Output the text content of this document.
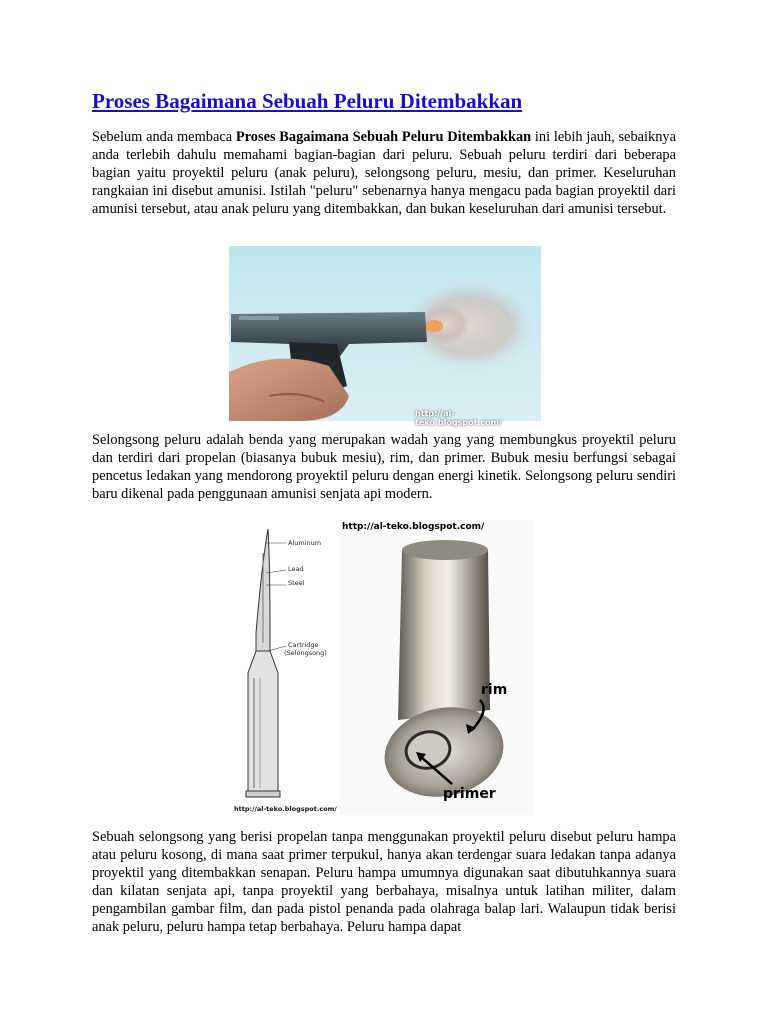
Proses Bagaimana Sebuah Peluru Ditembakkan

Sebelum anda membaca Proses Bagaimana Sebuah Peluru Ditembakkan ini lebih jauh, sebaiknya anda terlebih dahulu memahami bagian-bagian dari peluru. Sebuah peluru terdiri dari beberapa bagian yaitu proyektil peluru (anak peluru), selongsong peluru, mesiu, dan primer. Keseluruhan rangkaian ini disebut amunisi. Istilah "peluru" sebenarnya hanya mengacu pada bagian proyektil dari amunisi tersebut, atau anak peluru yang ditembakkan, dan bukan keseluruhan dari amunisi tersebut.

http://al-teko.blogspot.com/

Selongsong peluru adalah benda yang merupakan wadah yang yang membungkus proyektil peluru dan terdiri dari propelan (biasanya bubuk mesiu), rim, dan primer. Bubuk mesiu berfungsi sebagai pencetus ledakan yang mendorong proyektil peluru dengan energi kinetik. Selongsong peluru sendiri baru dikenal pada penggunaan amunisi senjata api modern.

Aluminum
Lead
Steel
Cartridge
(Selongsong)
http://al-teko.blogspot.com/
http://al-teko.blogspot.com/
rim
primer

Sebuah selongsong yang berisi propelan tanpa menggunakan proyektil peluru disebut peluru hampa atau peluru kosong, di mana saat primer terpukul, hanya akan terdengar suara ledakan tanpa adanya proyektil yang ditembakkan senapan. Peluru hampa umumnya digunakan saat dibutuhkannya suara dan kilatan senjata api, tanpa proyektil yang berbahaya, misalnya untuk latihan militer, dalam pengambilan gambar film, dan pada pistol penanda pada olahraga balap lari. Walaupun tidak berisi anak peluru, peluru hampa tetap berbahaya. Peluru hampa dapat
